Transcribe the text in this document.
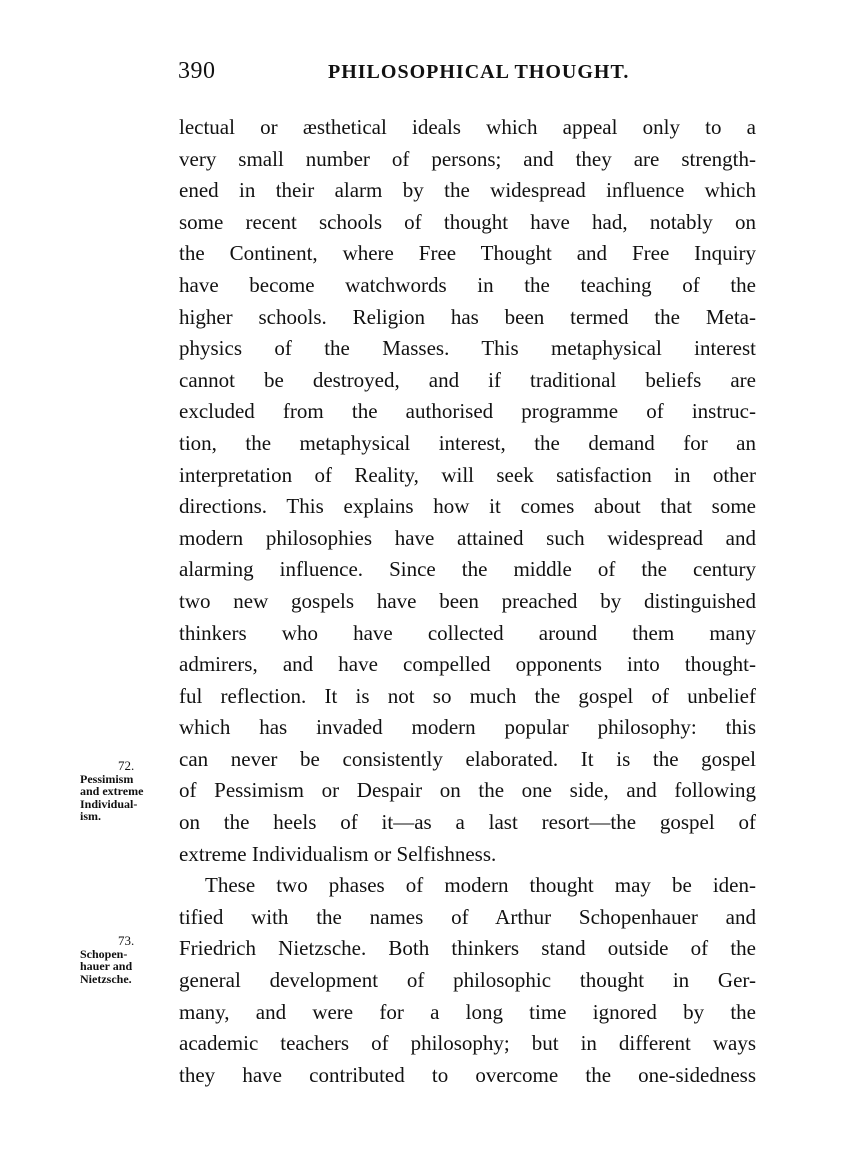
390	PHILOSOPHICAL THOUGHT.
72.
Pessimism
and extreme
Individual-
ism.
73.
Schopen-
hauer and
Nietzsche.
lectual or æsthetical ideals which appeal only to a
very small number of persons; and they are strength-
ened in their alarm by the widespread influence which
some recent schools of thought have had, notably on
the Continent, where Free Thought and Free Inquiry
have become watchwords in the teaching of the
higher schools. Religion has been termed the Meta-
physics of the Masses. This metaphysical interest
cannot be destroyed, and if traditional beliefs are
excluded from the authorised programme of instruc-
tion, the metaphysical interest, the demand for an
interpretation of Reality, will seek satisfaction in other
directions. This explains how it comes about that some
modern philosophies have attained such widespread and
alarming influence. Since the middle of the century
two new gospels have been preached by distinguished
thinkers who have collected around them many
admirers, and have compelled opponents into thought-
ful reflection. It is not so much the gospel of unbelief
which has invaded modern popular philosophy: this
can never be consistently elaborated. It is the gospel
of Pessimism or Despair on the one side, and following
on the heels of it—as a last resort—the gospel of
extreme Individualism or Selfishness.
These two phases of modern thought may be iden-
tified with the names of Arthur Schopenhauer and
Friedrich Nietzsche. Both thinkers stand outside of the
general development of philosophic thought in Ger-
many, and were for a long time ignored by the
academic teachers of philosophy; but in different ways
they have contributed to overcome the one-sidedness
